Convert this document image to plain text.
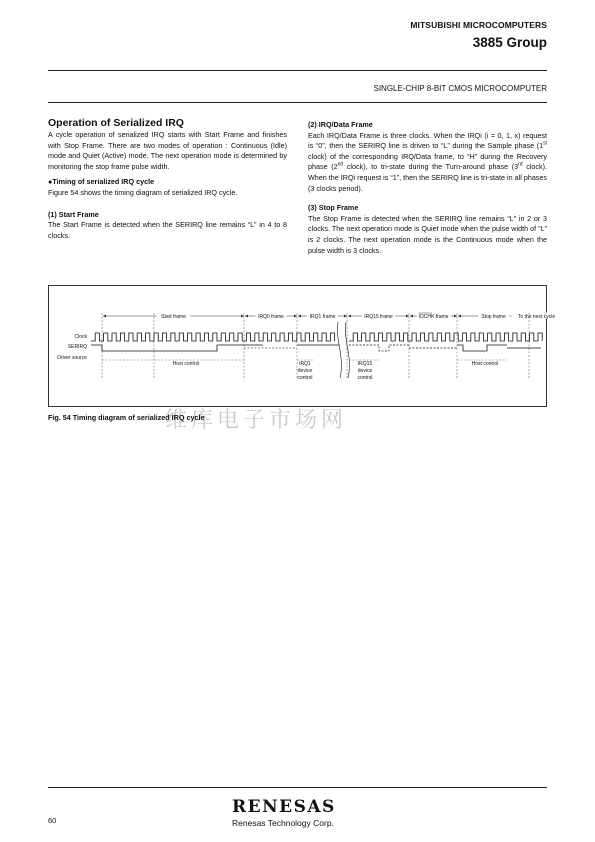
MITSUBISHI MICROCOMPUTERS
3885 Group
SINGLE-CHIP 8-BIT CMOS MICROCOMPUTER
Operation of Serialized IRQ

A cycle operation of serialized IRQ starts with Start Frame and finishes with Stop Frame. There are two modes of operation : Continuous (Idle) mode and Quiet (Active) mode. The next operation mode is determined by monitoring the stop frame pulse width.

●Timing of serialized IRQ cycle

Figure 54 shows the timing diagram of serialized IRQ cycle.

(1) Start Frame

The Start Frame is detected when the SERIRQ line remains “L” in 4 to 8 clocks.

(2) IRQ/Data Frame

Each IRQ/Data Frame is three clocks. When the IRQi (i = 0, 1, x) request is “0”, then the SERIRQ line is driven to “L” during the Sample phase (1st clock) of the corresponding IRQ/Data frame, to “H” during the Recovery phase (2nd clock), to tri-state during the Turn-around phase (3rd clock). When the IRQi request is “1”, then the SERIRQ line is tri-state in all phases (3 clocks period).

(3) Stop Frame

The Stop Frame is detected when the SERIRQ line remains “L” in 2 or 3 clocks. The next operation mode is Quiet mode when the pulse width of “L” is 2 clocks. The next operation mode is the Continuous mode when the pulse width is 3 clocks.

Start frame	IRQ0 frame	IRQ1 frame	IRQ15 frame	IOCHK frame	Stop frame To the next cycle
Clock
SERIRQ
Driver source
Host control	IRQ1
device
control
IRQ15
device
control
Host control
维库电子市场网
Fig. 54 Timing diagram of serialized IRQ cycle
60
RENESAS
Renesas Technology Corp.
